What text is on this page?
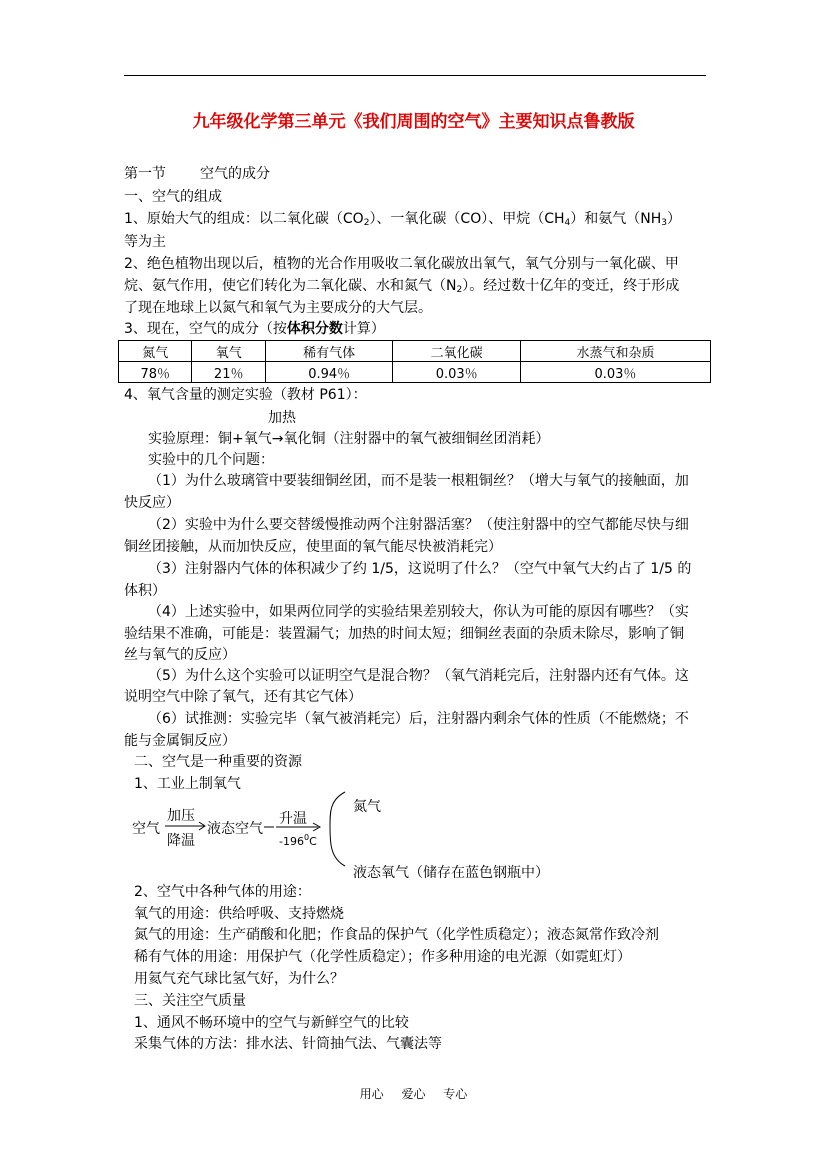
九年级化学第三单元《我们周围的空气》主要知识点鲁教版
第一节 空气的成分
一、空气的组成
1、原始大气的组成：以二氧化碳$(CO_2)$、一氧化碳（CO）、甲烷$(CH_4)$和氨气$(NH_3)$
等为主
2、绝色植物出现以后，植物的光合作用吸收二氧化碳放出氧气，氧气分别与一氧化碳、甲
烷、氨气作用，使它们转化为二氧化碳、水和氮气$(N_2)$。经过数十亿年的变迁，终于形成
了现在地球上以氮气和氧气为主要成分的大气层。
3、现在，空气的成分（按体积分数计算）
氮气	氧气	稀有气体	二氧化碳	水蒸气和杂质
78％	21％	0.94％	0.03％	0.03％
4、氧气含量的测定实验（教材 P61）：
加热
实验原理：铜+氧气→氧化铜（注射器中的氧气被细铜丝团消耗）
实验中的几个问题：
（1）为什么玻璃管中要装细铜丝团，而不是装一根粗铜丝？（增大与氧气的接触面，加
快反应）
（2）实验中为什么要交替缓慢推动两个注射器活塞？（使注射器中的空气都能尽快与细
铜丝团接触，从而加快反应，使里面的氧气能尽快被消耗完）
（3）注射器内气体的体积减少了约 1/5，这说明了什么？（空气中氧气大约占了 1/5 的
体积）
（4）上述实验中，如果两位同学的实验结果差别较大，你认为可能的原因有哪些？（实
验结果不准确，可能是：装置漏气；加热的时间太短；细铜丝表面的杂质未除尽，影响了铜
丝与氧气的反应）
（5）为什么这个实验可以证明空气是混合物？（氧气消耗完后，注射器内还有气体。这
说明空气中除了氧气，还有其它气体）
（6）试推测：实验完毕（氧气被消耗完）后，注射器内剩余气体的性质（不能燃烧；不
能与金属铜反应）
二、空气是一种重要的资源
1、工业上制氧气
空气
加压
降温
液态空气
升温
$-196^0C$
氮气
液态氧气（储存在蓝色钢瓶中）
2、空气中各种气体的用途：
氧气的用途：供给呼吸、支持燃烧
氮气的用途：生产硝酸和化肥；作食品的保护气（化学性质稳定）；液态氮常作致冷剂
稀有气体的用途：用保护气（化学性质稳定）；作多种用途的电光源（如霓虹灯）
用氦气充气球比氢气好，为什么？
三、关注空气质量
1、通风不畅环境中的空气与新鲜空气的比较
采集气体的方法：排水法、针筒抽气法、气囊法等
用心 爱心 专心
